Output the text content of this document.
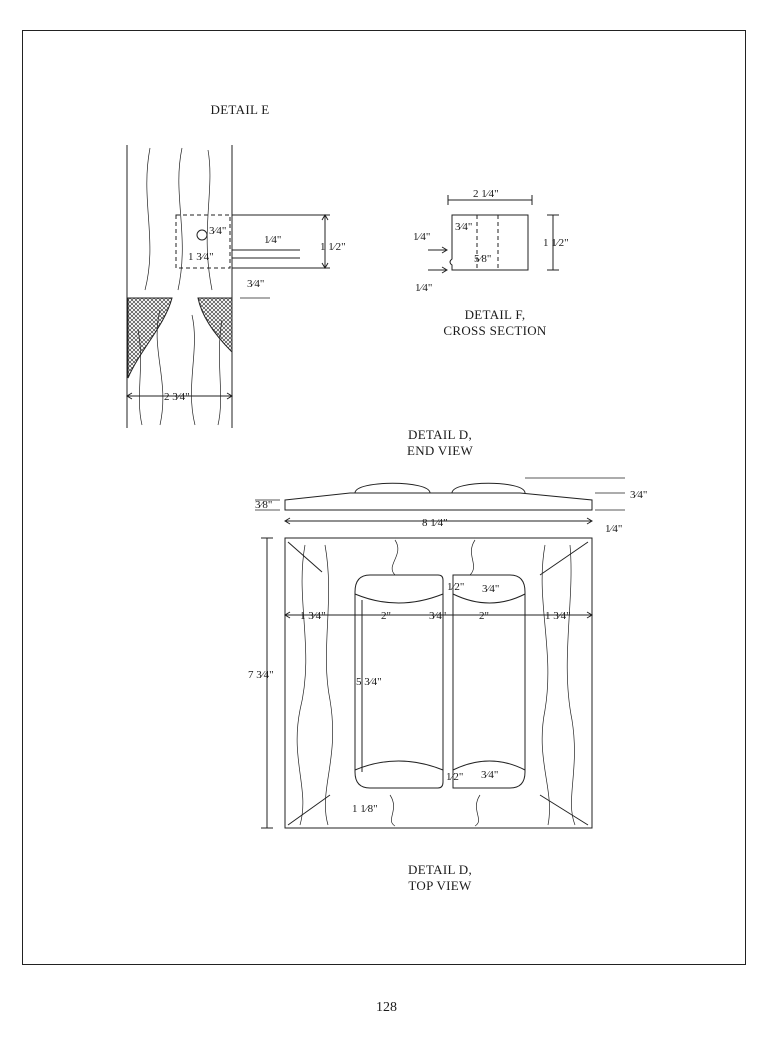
DETAIL E
DETAIL F,
CROSS SECTION
DETAIL D,
END VIEW
DETAIL D,
TOP VIEW
3⁄4"
1 3⁄4"
1⁄4"
1 1⁄2"
3⁄4"
2 3⁄4"
2 1⁄4"
3⁄4"
1⁄4"
5⁄8"
1⁄4"
1 1⁄2"
3⁄8"
8 1⁄4"
3⁄4"
1⁄4"
1 3⁄4"	2"	3⁄4"	2"	1 3⁄4"
1⁄2" 3⁄4"
7 3⁄4"
5 3⁄4"
1⁄2" 3⁄4"
1 1⁄8"
128
